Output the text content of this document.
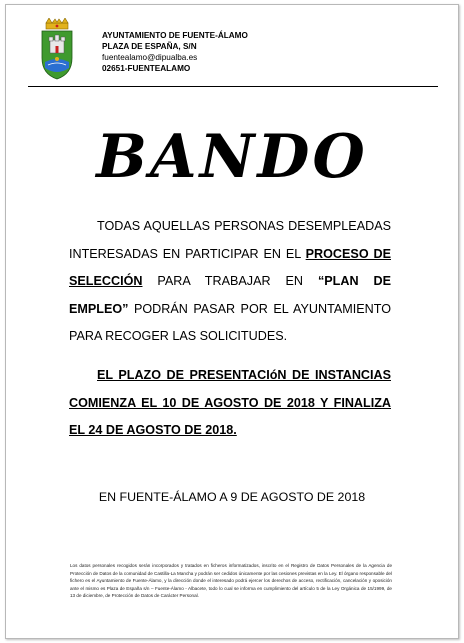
AYUNTAMIENTO DE FUENTE-ÁLAMO
PLAZA DE ESPAÑA, S/N
fuentealamo@dipualba.es
02651-FUENTEALAMO
BANDO
TODAS AQUELLAS PERSONAS DESEMPLEADAS INTERESADAS EN PARTICIPAR EN EL PROCESO DE SELECCIÓN PARA TRABAJAR EN “PLAN DE EMPLEO” PODRÁN PASAR POR EL AYUNTAMIENTO PARA RECOGER LAS SOLICITUDES.
EL PLAZO DE PRESENTACIóN DE INSTANCIAS COMIENZA EL 10 DE AGOSTO DE 2018 Y FINALIZA EL 24 DE AGOSTO DE 2018.
EN FUENTE-ÁLAMO A 9 DE AGOSTO DE 2018
Los datos personales recogidos serán incorporados y tratados en ficheros informatizados, inscrito en el Registro de Datos Personales de la Agencia de Protección de Datos de la comunidad de Castilla-La Mancha y podrán ser cedidos únicamente por las cesiones previstas en la Ley. El órgano responsable del fichero es el Ayuntamiento de Fuente-Álamo, y la dirección donde el interesado podrá ejercer los derechos de acceso, rectificación, cancelación y oposición ante el mismo es Plaza de España s/n – Fuente-Álamo - Albacete, todo lo cual se informa en cumplimiento del artículo 5 de la Ley Orgánica de 15/1999, de 13 de diciembre, de Protección de Datos de Carácter Personal.
